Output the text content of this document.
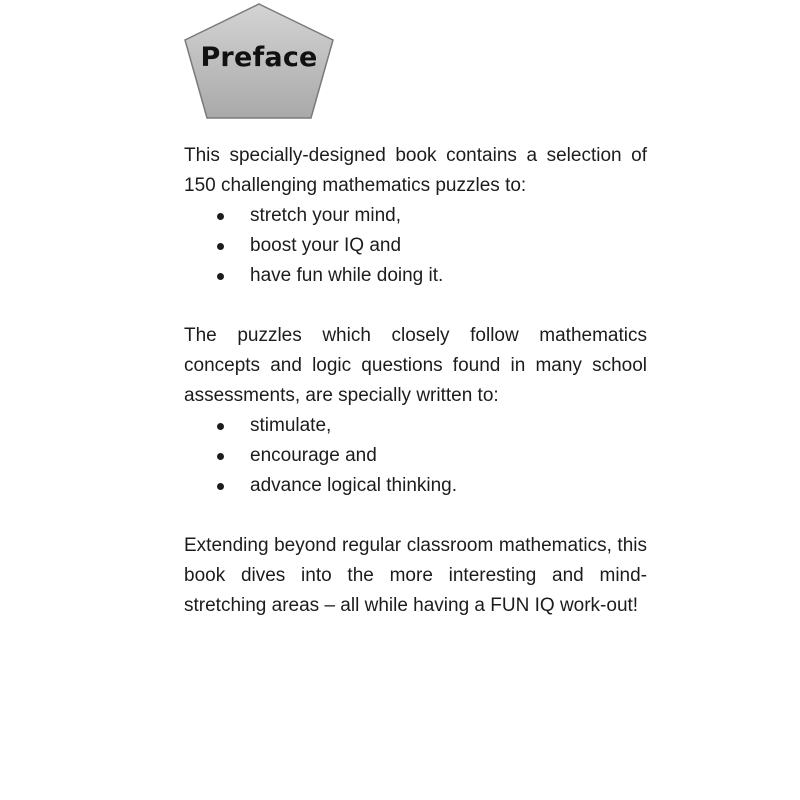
Preface

This specially-designed book contains a selection of 150 challenging mathematics puzzles to:

stretch your mind,
boost your IQ and
have fun while doing it.

The puzzles which closely follow mathematics concepts and logic questions found in many school assessments, are specially written to:

stimulate,
encourage and
advance logical thinking.

Extending beyond regular classroom mathematics, this book dives into the more interesting and mind-stretching areas – all while having a FUN IQ work-out!
